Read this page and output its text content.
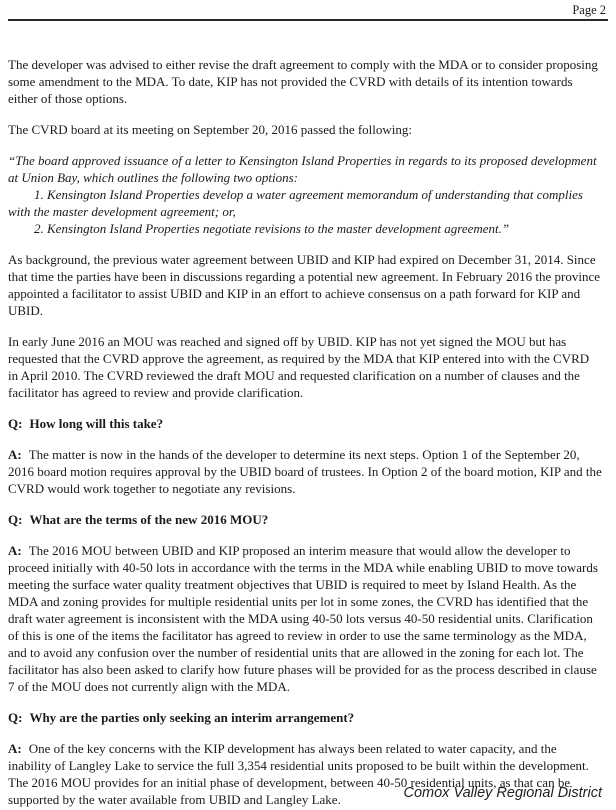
Page 2

The developer was advised to either revise the draft agreement to comply with the MDA or to consider proposing some amendment to the MDA. To date, KIP has not provided the CVRD with details of its intention towards either of those options.

The CVRD board at its meeting on September 20, 2016 passed the following:

“The board approved issuance of a letter to Kensington Island Properties in regards to its proposed development at Union Bay, which outlines the following two options:

1. Kensington Island Properties develop a water agreement memorandum of understanding that complies with the master development agreement; or,

2. Kensington Island Properties negotiate revisions to the master development agreement.”

As background, the previous water agreement between UBID and KIP had expired on December 31, 2014. Since that time the parties have been in discussions regarding a potential new agreement. In February 2016 the province appointed a facilitator to assist UBID and KIP in an effort to achieve consensus on a path forward for KIP and UBID.

In early June 2016 an MOU was reached and signed off by UBID. KIP has not yet signed the MOU but has requested that the CVRD approve the agreement, as required by the MDA that KIP entered into with the CVRD in April 2010. The CVRD reviewed the draft MOU and requested clarification on a number of clauses and the facilitator has agreed to review and provide clarification.

Q: How long will this take?

A: The matter is now in the hands of the developer to determine its next steps. Option 1 of the September 20, 2016 board motion requires approval by the UBID board of trustees. In Option 2 of the board motion, KIP and the CVRD would work together to negotiate any revisions.

Q: What are the terms of the new 2016 MOU?

A: The 2016 MOU between UBID and KIP proposed an interim measure that would allow the developer to proceed initially with 40-50 lots in accordance with the terms in the MDA while enabling UBID to move towards meeting the surface water quality treatment objectives that UBID is required to meet by Island Health. As the MDA and zoning provides for multiple residential units per lot in some zones, the CVRD has identified that the draft water agreement is inconsistent with the MDA using 40-50 lots versus 40-50 residential units. Clarification of this is one of the items the facilitator has agreed to review in order to use the same terminology as the MDA, and to avoid any confusion over the number of residential units that are allowed in the zoning for each lot. The facilitator has also been asked to clarify how future phases will be provided for as the process described in clause 7 of the MOU does not currently align with the MDA.

Q: Why are the parties only seeking an interim arrangement?

A: One of the key concerns with the KIP development has always been related to water capacity, and the inability of Langley Lake to service the full 3,354 residential units proposed to be built within the development. The 2016 MOU provides for an initial phase of development, between 40-50 residential units, as that can be supported by the water available from UBID and Langley Lake.	Comox Valley Regional District
